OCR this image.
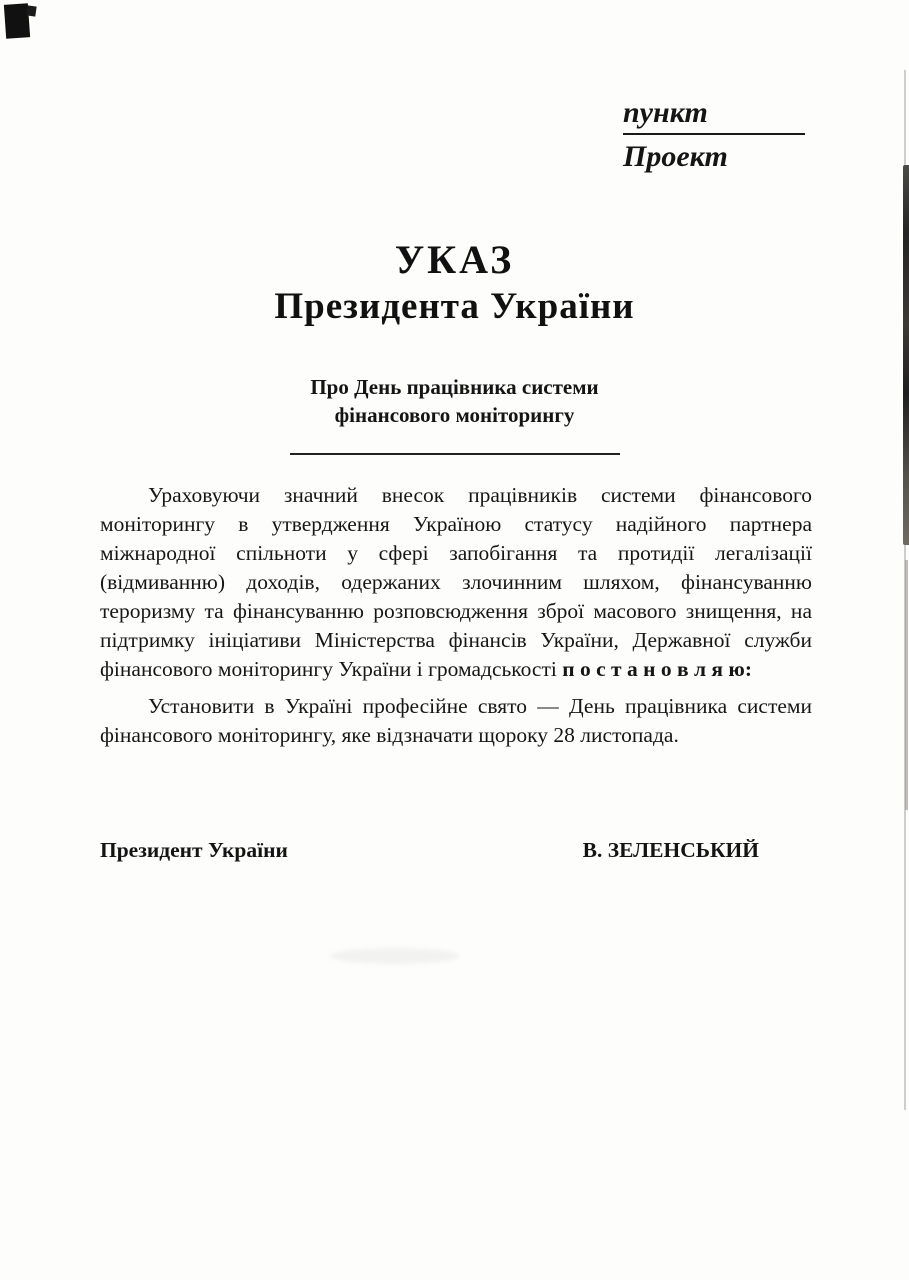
пункт
Проект
УКАЗ
Президента України
Про День працівника системи
фінансового моніторингу

Ураховуючи значний внесок працівників системи фінансового моніторингу в утвердження Україною статусу надійного партнера міжнародної спільноти у сфері запобігання та протидії легалізації (відмиванню) доходів, одержаних злочинним шляхом, фінансуванню тероризму та фінансуванню розповсюдження зброї масового знищення, на підтримку ініціативи Міністерства фінансів України, Державної служби фінансового моніторингу України і громадськості п о с т а н о в л я ю:

Установити в Україні професійне свято — День працівника системи фінансового моніторингу, яке відзначати щороку 28 листопада.

Президент України	В. ЗЕЛЕНСЬКИЙ
